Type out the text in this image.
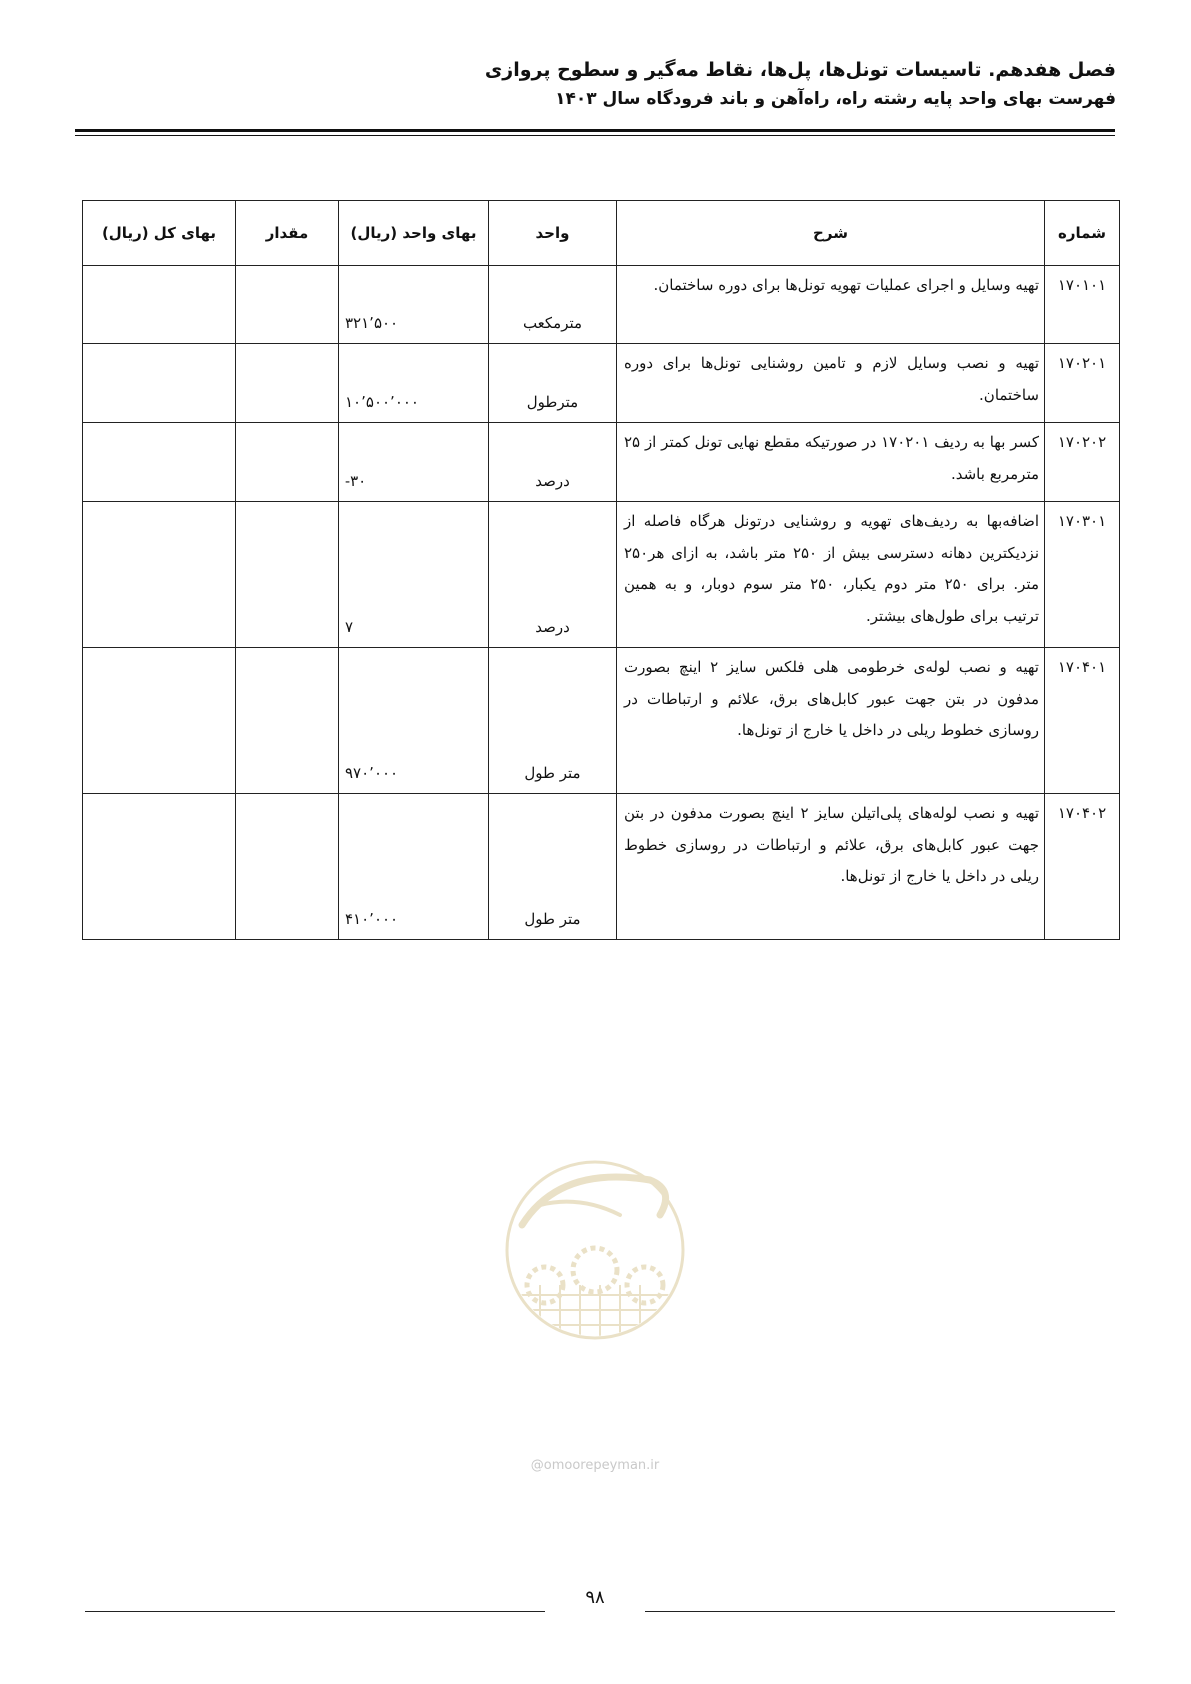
فصل هفدهم. تاسیسات تونل‌ها، پل‌ها، نقاط مه‌گیر و سطوح پروازی
فهرست بهای واحد پایه رشته راه، راه‌آهن و باند فرودگاه سال ۱۴۰۳
شماره	شرح	واحد	بهای واحد (ریال)	مقدار	بهای کل (ریال)
۱۷۰۱۰۱	تهیه وسایل و اجرای عملیات تهویه تونل‌ها برای دوره ساختمان.	مترمکعب	۳۲۱٬۵۰۰		
۱۷۰۲۰۱	تهیه و نصب وسایل لازم و تامین روشنایی تونل‌ها برای دوره ساختمان.	مترطول	۱۰٬۵۰۰٬۰۰۰		
۱۷۰۲۰۲	کسر بها به ردیف ۱۷۰۲۰۱ در صورتیکه مقطع نهایی تونل کمتر از ۲۵ مترمربع باشد.	درصد	-۳۰		
۱۷۰۳۰۱	اضافه‌بها به ردیف‌های تهویه و روشنایی درتونل هرگاه فاصله از نزدیکترین دهانه دسترسی بیش از ۲۵۰ متر باشد، به ازای هر۲۵۰ متر. برای ۲۵۰ متر دوم یکبار، ۲۵۰ متر سوم دوبار، و به همین ترتیب برای طول‌های بیشتر.	درصد	۷		
۱۷۰۴۰۱	تهیه و نصب لوله‌ی خرطومی هلی فلکس سایز ۲ اینچ بصورت مدفون در بتن جهت عبور کابل‌های برق، علائم و ارتباطات در روسازی خطوط ریلی در داخل یا خارج از تونل‌ها.	متر طول	۹۷۰٬۰۰۰		
۱۷۰۴۰۲	تهیه و نصب لوله‌های پلی‌اتیلن سایز ۲ اینچ بصورت مدفون در بتن جهت عبور کابل‌های برق، علائم و ارتباطات در روسازی خطوط ریلی در داخل یا خارج از تونل‌ها.	متر طول	۴۱۰٬۰۰۰		
@omoorepeyman.ir
۹۸
